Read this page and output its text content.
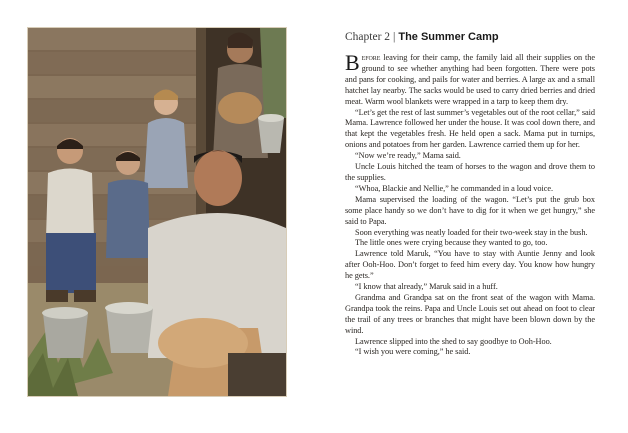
Chapter 2 | The Summer Camp

Before leaving for their camp, the family laid all their supplies on the ground to see whether anything had been forgotten. There were pots and pans for cooking, and pails for water and berries. A large ax and a small hatchet lay nearby. The sacks would be used to carry dried berries and dried meat. Warm wool blankets were wrapped in a tarp to keep them dry.

“Let’s get the rest of last summer’s vegetables out of the root cellar,” said Mama. Lawrence followed her under the house. It was cool down there, and that kept the vegetables fresh. He held open a sack. Mama put in turnips, onions and potatoes from her garden. Lawrence carried them up for her.

“Now we’re ready,” Mama said.

Uncle Louis hitched the team of horses to the wagon and drove them to the supplies.

“Whoa, Blackie and Nellie,” he commanded in a loud voice.

Mama supervised the loading of the wagon. “Let’s put the grub box some place handy so we don’t have to dig for it when we get hungry,” she said to Papa.

Soon everything was neatly loaded for their two-week stay in the bush.

The little ones were crying because they wanted to go, too.

Lawrence told Maruk, “You have to stay with Auntie Jenny and look after Ooh-Hoo. Don’t forget to feed him every day. You know how hungry he gets.”

“I know that already,” Maruk said in a huff.

Grandma and Grandpa sat on the front seat of the wagon with Mama. Grandpa took the reins. Papa and Uncle Louis set out ahead on foot to clear the trail of any trees or branches that might have been blown down by the wind.

Lawrence slipped into the shed to say goodbye to Ooh-Hoo.

“I wish you were coming,” he said.
